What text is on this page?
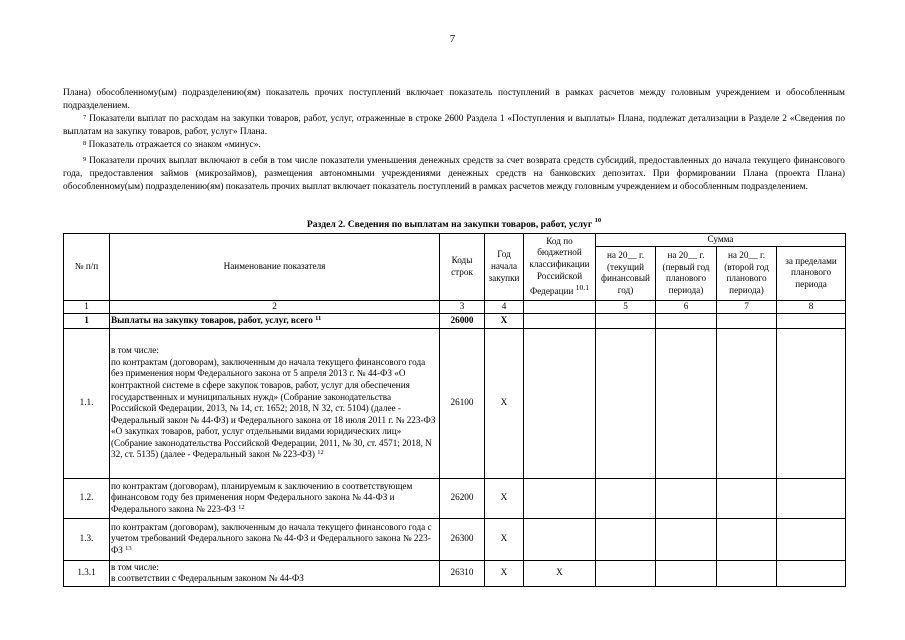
7

Плана) обособленному(ым) подразделению(ям) показатель прочих поступлений включает показатель поступлений в рамках расчетов между головным учреждением и обособленным подразделением.

$^7$ Показатели выплат по расходам на закупки товаров, работ, услуг, отраженные в строке 2600 Раздела 1 «Поступления и выплаты» Плана, подлежат детализации в Разделе 2 «Сведения по выплатам на закупку товаров, работ, услуг» Плана.

$^8$ Показатель отражается со знаком «минус».

$^9$ Показатели прочих выплат включают в себя в том числе показатели уменьшения денежных средств за счет возврата средств субсидий, предоставленных до начала текущего финансового года, предоставления займов (микрозаймов), размещения автономными учреждениями денежных средств на банковских депозитах. При формировании Плана (проекта Плана) обособленному(ым) подразделению(ям) показатель прочих выплат включает показатель поступлений в рамках расчетов между головным учреждением и обособленным подразделением.

Раздел 2. Сведения по выплатам на закупки товаров, работ, услуг $^{10}$
№ п/п	Наименование показателя	Коды строк	Год начала закупки	Код по бюджетной классификации Российской Федерации $^{10.1}$	Сумма			
					на 20__ г. (текущий финансовый год)	на 20__ г. (первый год планового периода)	на 20__ г. (второй год планового периода)	за пределами планового периода
1	2	3	4		5	6	7	8
1	Выплаты на закупку товаров, работ, услуг, всего $^{11}$	26000	X					
1.1.	в том числе:
по контрактам (договорам), заключенным до начала текущего финансового года без применения норм Федерального закона от 5 апреля 2013 г. № 44-ФЗ «О контрактной системе в сфере закупок товаров, работ, услуг для обеспечения государственных и муниципальных нужд» (Собрание законодательства Российской Федерации, 2013, № 14, ст. 1652; 2018, N 32, ст. 5104) (далее - Федеральный закон № 44-ФЗ) и Федерального закона от 18 июля 2011 г. № 223-ФЗ «О закупках товаров, работ, услуг отдельными видами юридических лиц» (Собрание законодательства Российской Федерации, 2011, № 30, ст. 4571; 2018, N 32, ст. 5135) (далее - Федеральный закон № 223-ФЗ) $^{12}$	26100	X					
1.2.	по контрактам (договорам), планируемым к заключению в соответствующем финансовом году без применения норм Федерального закона № 44-ФЗ и Федерального закона № 223-ФЗ $^{12}$	26200	X					
1.3.	по контрактам (договорам), заключенным до начала текущего финансового года с учетом требований Федерального закона № 44-ФЗ и Федерального закона № 223-ФЗ $^{13}$	26300	X					
1.3.1	в том числе:
в соответствии с Федеральным законом № 44-ФЗ	26310	X	X				
